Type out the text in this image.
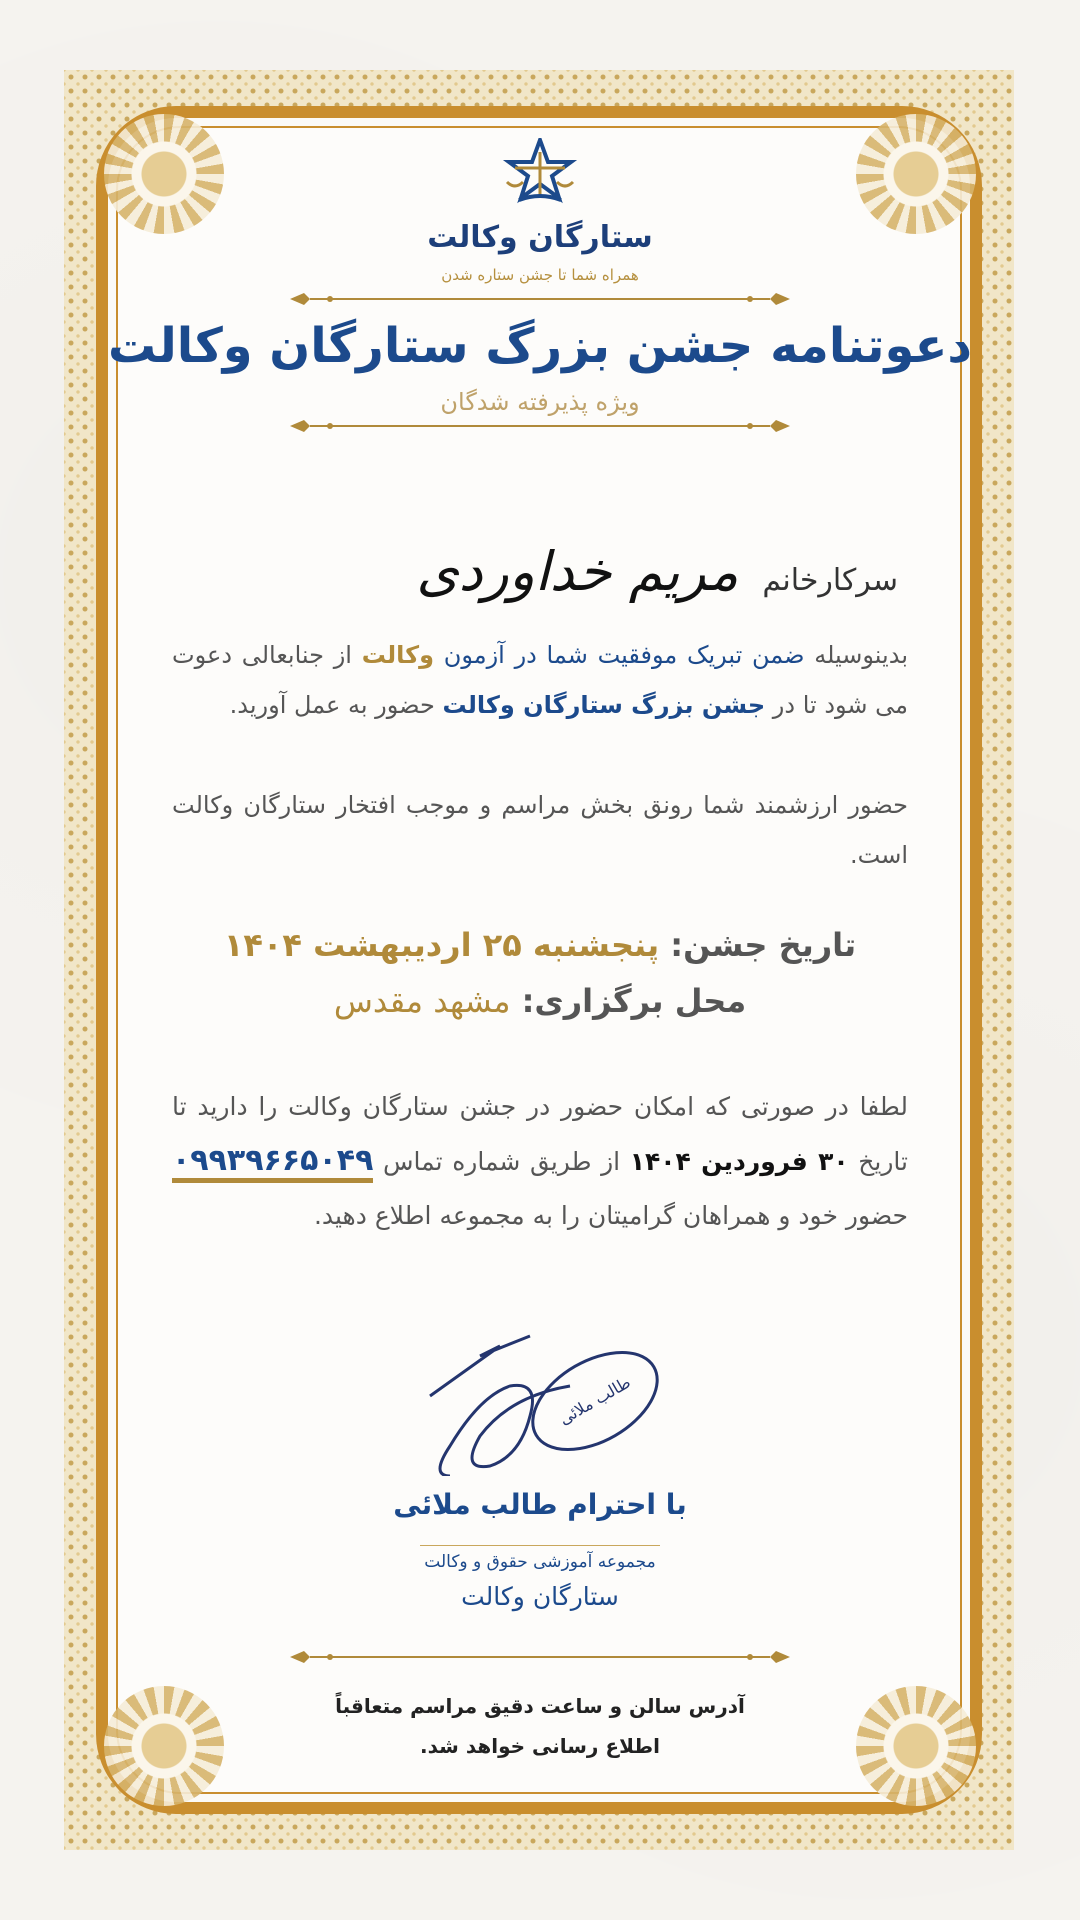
ستارگان وکالت
همراه شما تا جشن ستاره شدن
دعوتنامه جشن بزرگ ستارگان وکالت
ویژه پذیرفته شدگان
سرکارخانم
مریم خداوردی
بدینوسیله ضمن تبریک موفقیت شما در آزمون وکالت از جنابعالی دعوت می شود تا در جشن بزرگ ستارگان وکالت حضور به عمل آورید.
حضور ارزشمند شما رونق بخش مراسم و موجب افتخار ستارگان وکالت است.
تاریخ جشن: پنجشنبه ۲۵ اردیبهشت ۱۴۰۴
محل برگزاری: مشهد مقدس
لطفا در صورتی که امکان حضور در جشن ستارگان وکالت را دارید تا تاریخ ۳۰ فروردین ۱۴۰۴ از طریق شماره تماس ۰۹۹۳۹۶۶۵۰۴۹ حضور خود و همراهان گرامیتان را به مجموعه اطلاع دهید.
طالب ملائی
با احترام طالب ملائی
مجموعه آموزشی حقوق و وکالت
ستارگان وکالت
آدرس سالن و ساعت دقیق مراسم متعاقباً
اطلاع رسانی خواهد شد.
